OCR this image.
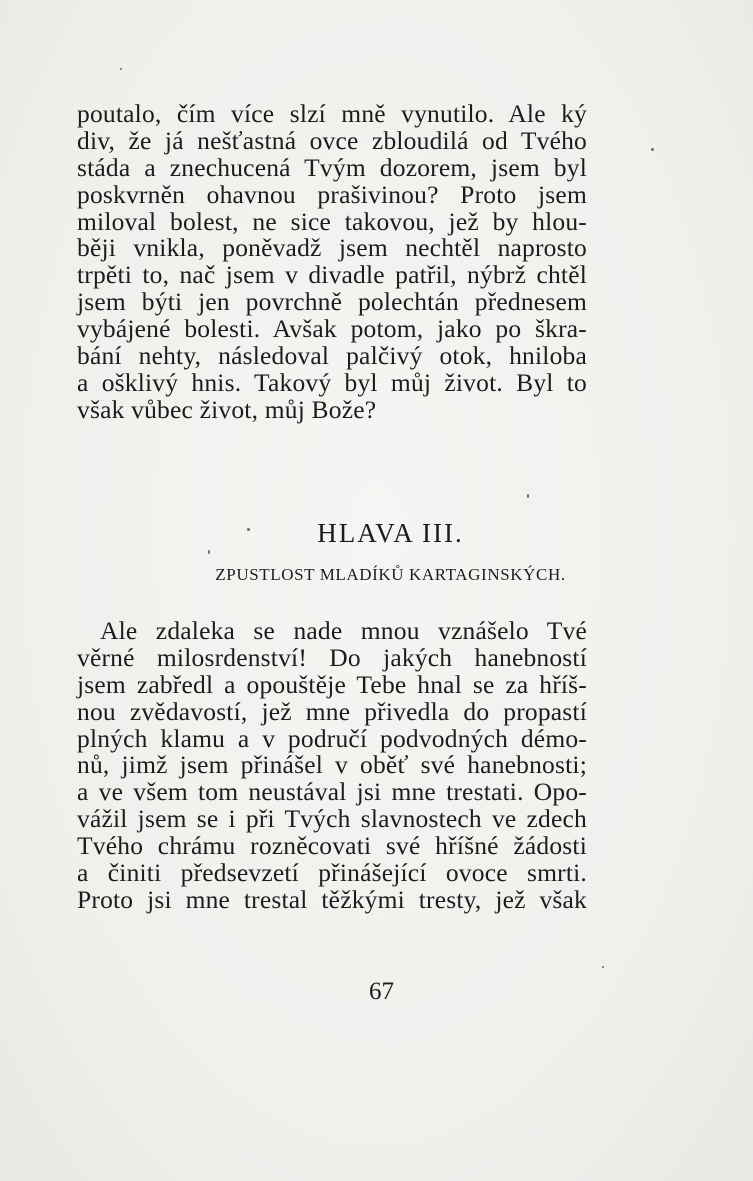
poutalo, čím více slzí mně vynutilo. Ale ký
div, že já nešťastná ovce zbloudilá od Tvého
stáda a znechucená Tvým dozorem, jsem byl
poskvrněn ohavnou prašivinou? Proto jsem
miloval bolest, ne sice takovou, jež by hlou-
běji vnikla, poněvadž jsem nechtěl naprosto
trpěti to, nač jsem v divadle patřil, nýbrž chtěl
jsem býti jen povrchně polechtán přednesem
vybájené bolesti. Avšak potom, jako po škra-
bání nehty, následoval palčivý otok, hniloba
a ošklivý hnis. Takový byl můj život. Byl to
však vůbec život, můj Bože?
HLAVA III.
ZPUSTLOST MLADÍKŮ KARTAGINSKÝCH.
Ale zdaleka se nade mnou vznášelo Tvé
věrné milosrdenství! Do jakých hanebností
jsem zabředl a opouštěje Tebe hnal se za hříš-
nou zvědavostí, jež mne přivedla do propastí
plných klamu a v područí podvodných démo-
nů, jimž jsem přinášel v oběť své hanebnosti;
a ve všem tom neustával jsi mne trestati. Opo-
vážil jsem se i při Tvých slavnostech ve zdech
Tvého chrámu rozněcovati své hříšné žádosti
a činiti předsevzetí přinášející ovoce smrti.
Proto jsi mne trestal těžkými tresty, jež však
67
